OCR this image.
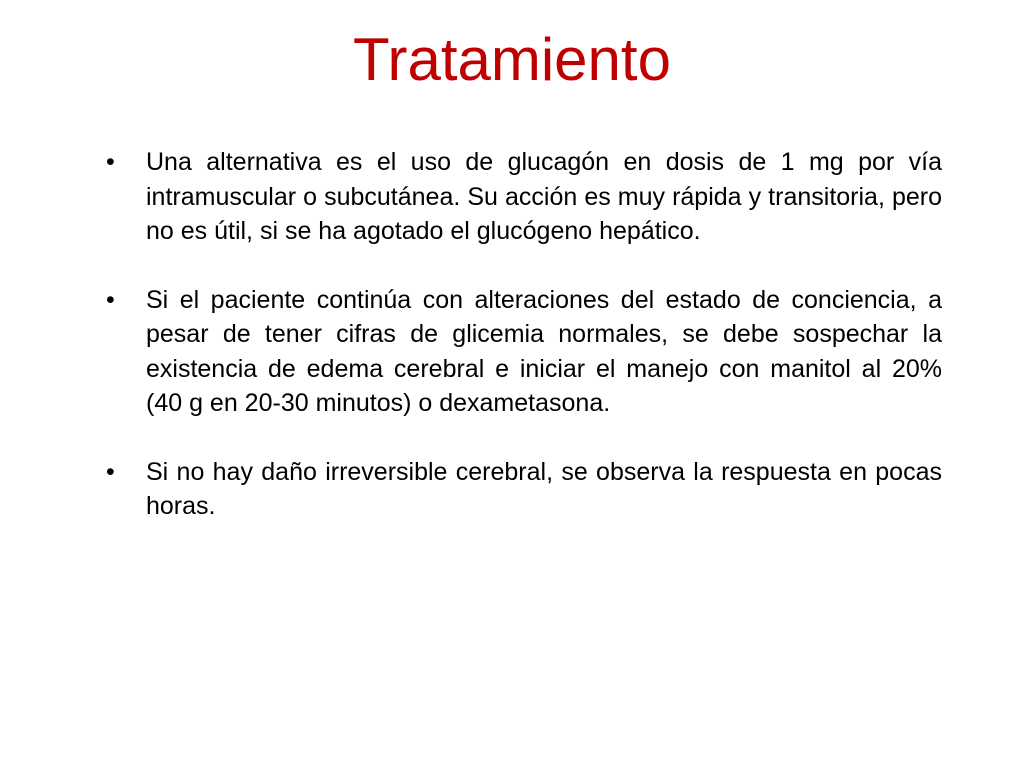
Tratamiento
•	Una alternativa es el uso de glucagón en dosis de 1 mg por vía intramuscular o subcutánea. Su acción es muy rápida y transitoria, pero no es útil, si se ha agotado el glucógeno hepático.
•	Si el paciente continúa con alteraciones del estado de conciencia, a pesar de tener cifras de glicemia normales, se debe sospechar la existencia de edema cerebral e iniciar el manejo con manitol al 20% (40 g en 20-30 minutos) o dexametasona.
•	Si no hay daño irreversible cerebral, se observa la respuesta en pocas horas.
